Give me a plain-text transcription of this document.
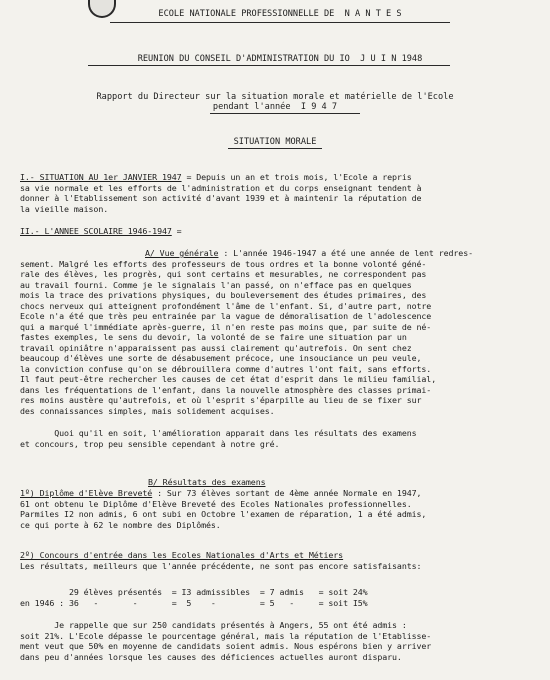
ECOLE NATIONALE PROFESSIONNELLE DE  N A N T E S
REUNION DU CONSEIL D'ADMINISTRATION DU IO  J U I N 1948
Rapport du Directeur sur la situation morale et matérielle de l'Ecole
pendant l'année  I 9 4 7
SITUATION MORALE
I.- SITUATION AU 1er JANVIER 1947 = Depuis un an et trois mois, l'Ecole a repris
sa vie normale et les efforts de l'administration et du corps enseignant tendent à
donner à l'Etablissement son activité d'avant 1939 et à maintenir la réputation de
la vieille maison.
II.- L'ANNEE SCOLAIRE 1946-1947 =
A/ Vue générale : L'année 1946-1947 a été une année de lent redres-
sement. Malgré les efforts des professeurs de tous ordres et la bonne volonté géné-
rale des élèves, les progrès, qui sont certains et mesurables, ne correspondent pas
au travail fourni. Comme je le signalais l'an passé, on n'efface pas en quelques
mois la trace des privations physiques, du bouleversement des études primaires, des
chocs nerveux qui atteignent profondément l'âme de l'enfant. Si, d'autre part, notre
Ecole n'a été que très peu entrainée par la vague de démoralisation de l'adolescence
qui a marqué l'immédiate après-guerre, il n'en reste pas moins que, par suite de né-
fastes exemples, le sens du devoir, la volonté de se faire une situation par un
travail opiniâtre n'apparaissent pas aussi clairement qu'autrefois. On sent chez
beaucoup d'élèves une sorte de désabusement précoce, une insouciance un peu veule,
la conviction confuse qu'on se débrouillera comme d'autres l'ont fait, sans efforts.
Il faut peut-être rechercher les causes de cet état d'esprit dans le milieu familial,
dans les fréquentations de l'enfant, dans la nouvelle atmosphère des classes primai-
res moins austère qu'autrefois, et où l'esprit s'éparpille au lieu de se fixer sur
des connaissances simples, mais solidement acquises.
Quoi qu'il en soit, l'amélioration apparait dans les résultats des examens
et concours, trop peu sensible cependant à notre gré.
B/ Résultats des examens
1º) Diplôme d'Elève Breveté : Sur 73 élèves sortant de 4ème année Normale en 1947,
61 ont obtenu le Diplôme d'Elève Breveté des Ecoles Nationales professionnelles.
Parmiles I2 non admis, 6 ont subi en Octobre l'examen de réparation, 1 a été admis,
ce qui porte à 62 le nombre des Diplômés.
2º) Concours d'entrée dans les Ecoles Nationales d'Arts et Métiers
Les résultats, meilleurs que l'année précédente, ne sont pas encore satisfaisants:
29 élèves présentés  = I3 admissibles  = 7 admis   = soit 24%
en 1946 : 36   -       -       =  5    -         = 5   -     = soit I5%
Je rappelle que sur 250 candidats présentés à Angers, 55 ont été admis :
soit 21%. L'Ecole dépasse le pourcentage général, mais la réputation de l'Etablisse-
ment veut que 50% en moyenne de candidats soient admis. Nous espérons bien y arriver
dans peu d'années lorsque les causes des déficiences actuelles auront disparu.
